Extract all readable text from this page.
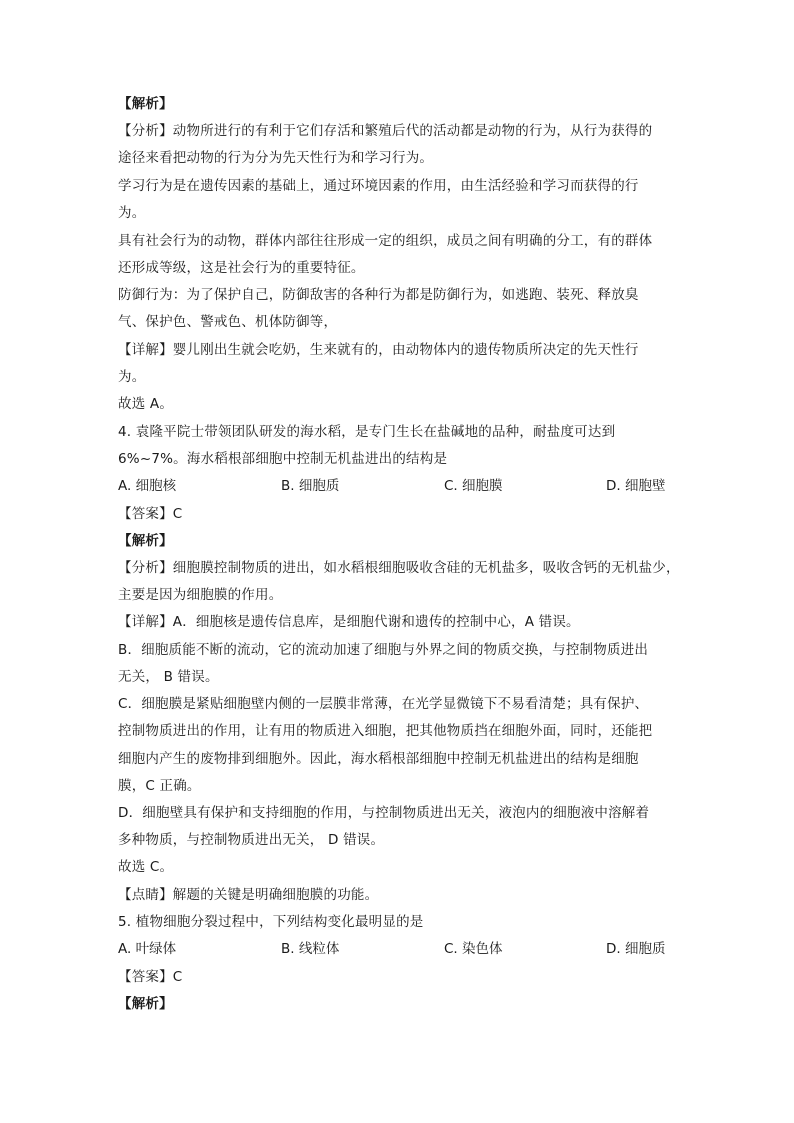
【解析】
【分析】动物所进行的有利于它们存活和繁殖后代的活动都是动物的行为，从行为获得的
途径来看把动物的行为分为先天性行为和学习行为。
学习行为是在遗传因素的基础上，通过环境因素的作用，由生活经验和学习而获得的行
为。
具有社会行为的动物，群体内部往往形成一定的组织，成员之间有明确的分工，有的群体
还形成等级，这是社会行为的重要特征。
防御行为：为了保护自己，防御敌害的各种行为都是防御行为，如逃跑、装死、释放臭
气、保护色、警戒色、机体防御等，
【详解】婴儿刚出生就会吃奶，生来就有的，由动物体内的遗传物质所决定的先天性行
为。
故选 A。
4. 袁隆平院士带领团队研发的海水稻，是专门生长在盐碱地的品种，耐盐度可达到
6%~7%。海水稻根部细胞中控制无机盐进出的结构是
A. 细胞核	B. 细胞质	C. 细胞膜	D. 细胞壁
【答案】C
【解析】
【分析】细胞膜控制物质的进出，如水稻根细胞吸收含硅的无机盐多，吸收含钙的无机盐少，
主要是因为细胞膜的作用。
【详解】A．细胞核是遗传信息库，是细胞代谢和遗传的控制中心，A 错误。
B．细胞质能不断的流动，它的流动加速了细胞与外界之间的物质交换，与控制物质进出
无关， B 错误。
C．细胞膜是紧贴细胞壁内侧的一层膜非常薄，在光学显微镜下不易看清楚；具有保护、
控制物质进出的作用，让有用的物质进入细胞，把其他物质挡在细胞外面，同时，还能把
细胞内产生的废物排到细胞外。因此，海水稻根部细胞中控制无机盐进出的结构是细胞
膜，C 正确。
D．细胞壁具有保护和支持细胞的作用，与控制物质进出无关，液泡内的细胞液中溶解着
多种物质，与控制物质进出无关， D 错误。
故选 C。
【点睛】解题的关键是明确细胞膜的功能。
5. 植物细胞分裂过程中，下列结构变化最明显的是
A. 叶绿体	B. 线粒体	C. 染色体	D. 细胞质
【答案】C
【解析】
